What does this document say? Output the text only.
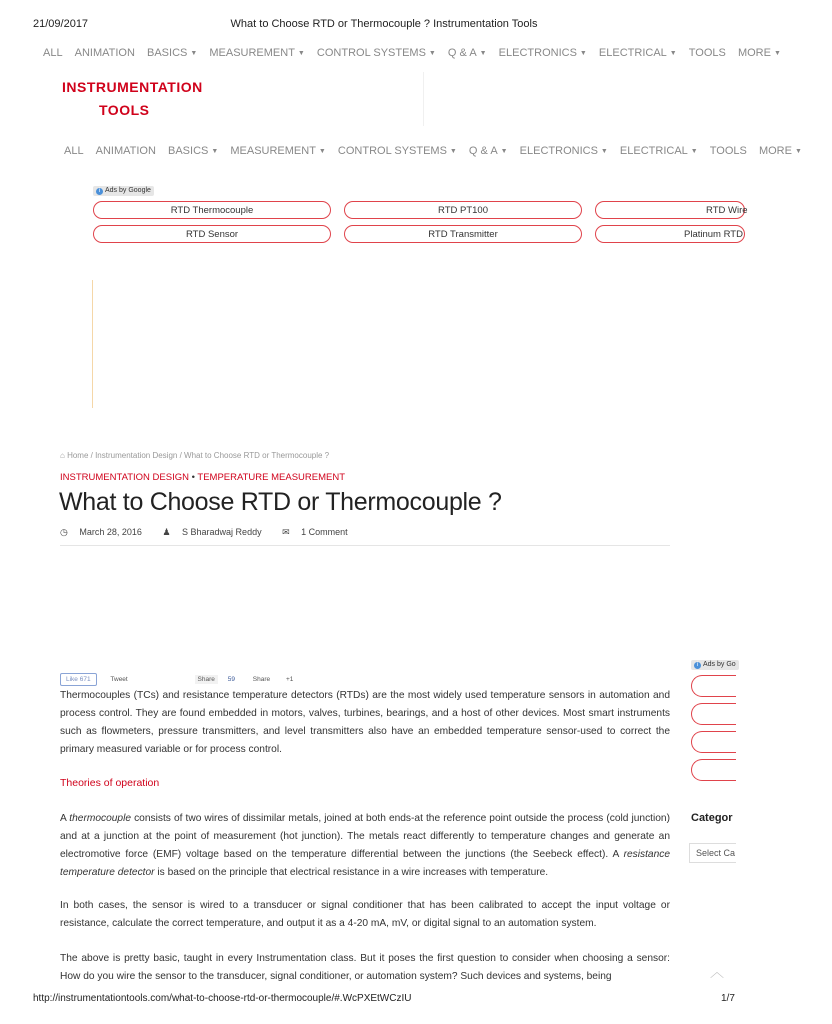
21/09/2017	What to Choose RTD or Thermocouple ? Instrumentation Tools
ALL ANIMATION BASICS ▼ MEASUREMENT ▼ CONTROL SYSTEMS ▼ Q & A ▼ ELECTRONICS ▼ ELECTRICAL ▼ TOOLS MORE ▼
INSTRUMENTATION
TOOLS
ALL ANIMATION BASICS ▼ MEASUREMENT ▼ CONTROL SYSTEMS ▼ Q & A ▼ ELECTRONICS ▼ ELECTRICAL ▼ TOOLS MORE ▼
i Ads by Google
RTD Thermocouple	RTD PT100	RTD Wire
RTD Sensor	RTD Transmitter	Platinum RTD
⌂ Home / Instrumentation Design / What to Choose RTD or Thermocouple ?
INSTRUMENTATION DESIGN • TEMPERATURE MEASUREMENT
What to Choose RTD or Thermocouple ?
◷ March 28, 2016 ♟ S Bharadwaj Reddy ✉ 1 Comment
Like 671	Tweet	Share 59	Share +1
Thermocouples (TCs) and resistance temperature detectors (RTDs) are the most widely used temperature sensors in automation and process control. They are found embedded in motors, valves, turbines, bearings, and a host of other devices. Most smart instruments such as flowmeters, pressure transmitters, and level transmitters also have an embedded temperature sensor-used to correct the primary measured variable or for process control.
Theories of operation
A thermocouple consists of two wires of dissimilar metals, joined at both ends-at the reference point outside the process (cold junction) and at a junction at the point of measurement (hot junction). The metals react differently to temperature changes and generate an electromotive force (EMF) voltage based on the temperature differential between the junctions (the Seebeck effect). A resistance temperature detector is based on the principle that electrical resistance in a wire increases with temperature.
In both cases, the sensor is wired to a transducer or signal conditioner that has been calibrated to accept the input voltage or resistance, calculate the correct temperature, and output it as a 4-20 mA, mV, or digital signal to an automation system.
The above is pretty basic, taught in every Instrumentation class. But it poses the first question to consider when choosing a sensor: How do you wire the sensor to the transducer, signal conditioner, or automation system? Such devices and systems, being
i Ads by Go
Categor
Select Ca
︿
http://instrumentationtools.com/what-to-choose-rtd-or-thermocouple/#.WcPXEtWCzIU	1/7
